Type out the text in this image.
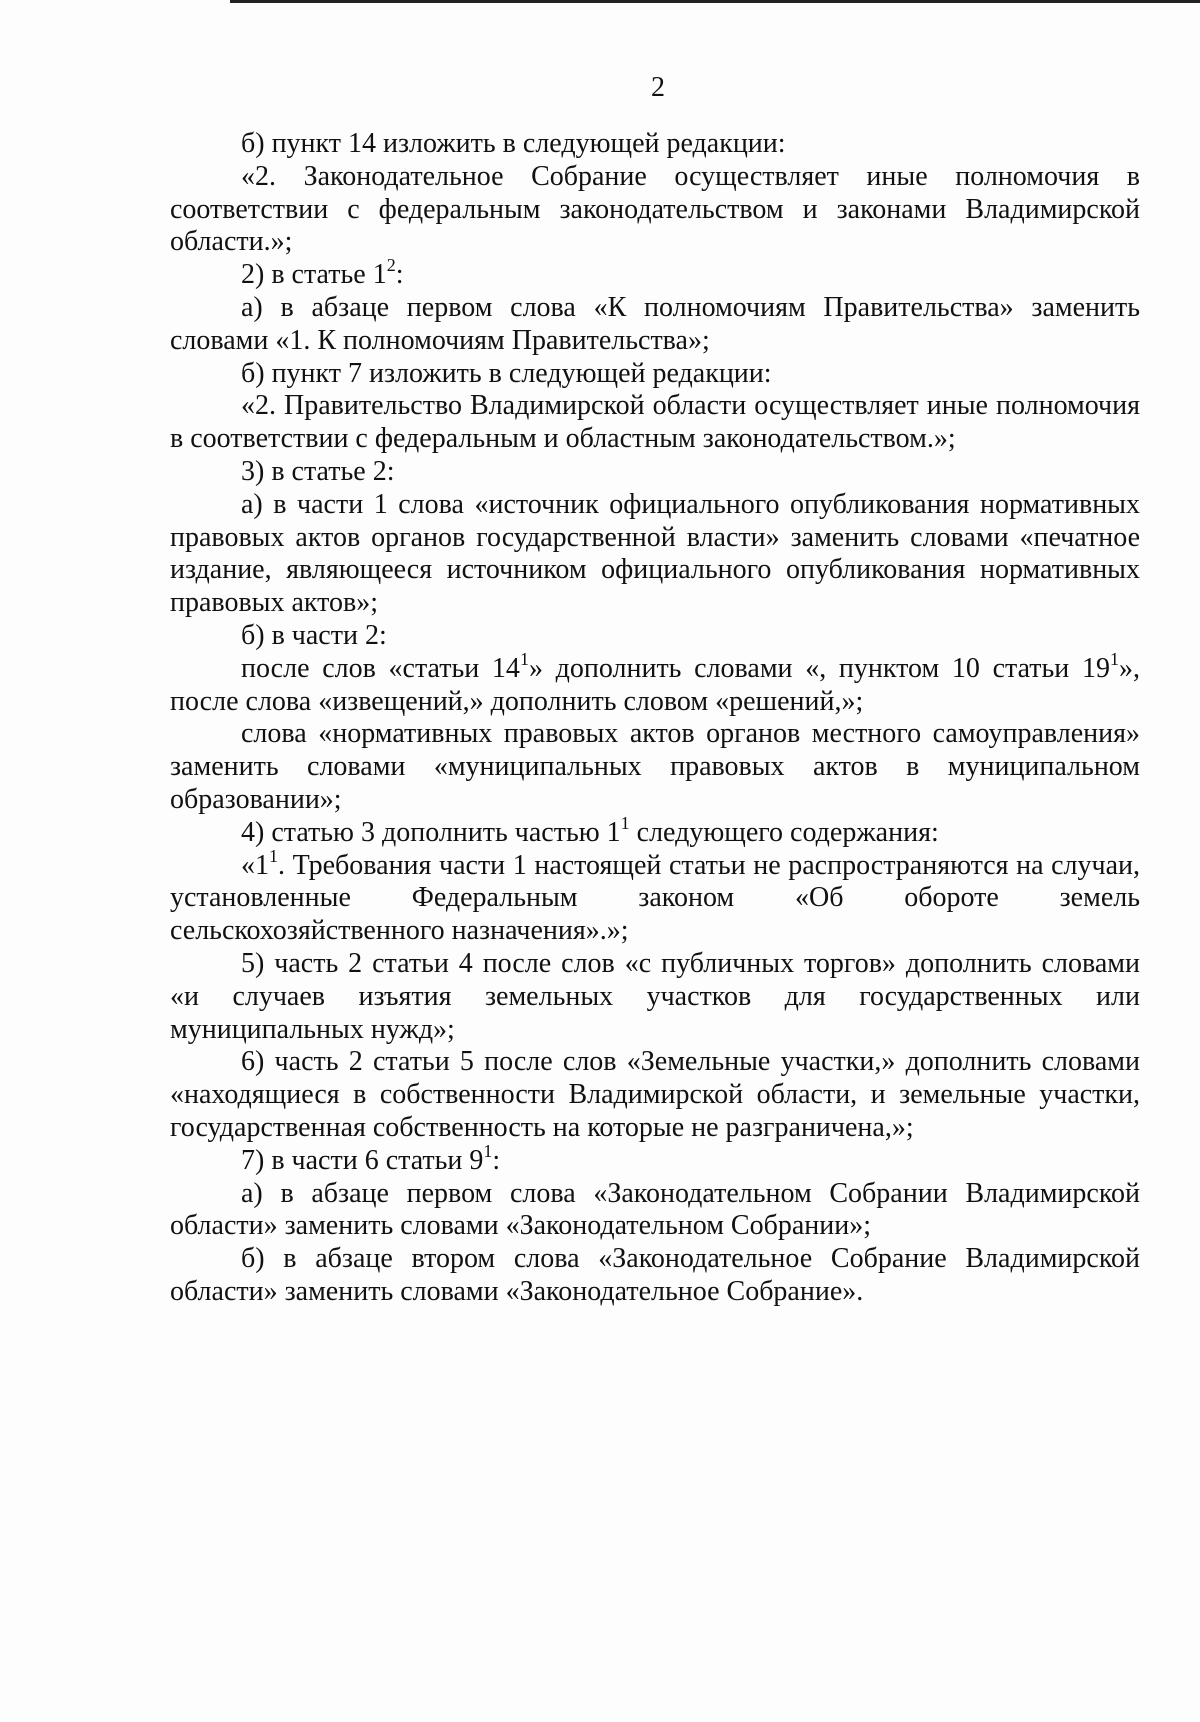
2

б) пункт 14 изложить в следующей редакции:

«2. Законодательное Собрание осуществляет иные полномочия в соответствии с федеральным законодательством и законами Владимирской области.»;

2) в статье $1^2$:

а) в абзаце первом слова «К полномочиям Правительства» заменить словами «1. К полномочиям Правительства»;

б) пункт 7 изложить в следующей редакции:

«2. Правительство Владимирской области осуществляет иные полномочия в соответствии с федеральным и областным законодательством.»;

3) в статье 2:

а) в части 1 слова «источник официального опубликования нормативных правовых актов органов государственной власти» заменить словами «печатное издание, являющееся источником официального опубликования нормативных правовых актов»;

б) в части 2:

после слов «статьи $14^1$» дополнить словами «, пунктом 10 статьи $19^1$», после слова «извещений,» дополнить словом «решений,»;

слова «нормативных правовых актов органов местного самоуправления» заменить словами «муниципальных правовых актов в муниципальном образовании»;

4) статью 3 дополнить частью $1^1$ следующего содержания:

«$1^1$. Требования части 1 настоящей статьи не распространяются на случаи, установленные Федеральным законом «Об обороте земель сельскохозяйственного назначения».»;

5) часть 2 статьи 4 после слов «с публичных торгов» дополнить словами «и случаев изъятия земельных участков для государственных или муниципальных нужд»;

6) часть 2 статьи 5 после слов «Земельные участки,» дополнить словами «находящиеся в собственности Владимирской области, и земельные участки, государственная собственность на которые не разграничена,»;

7) в части 6 статьи $9^1$:

а) в абзаце первом слова «Законодательном Собрании Владимирской области» заменить словами «Законодательном Собрании»;

б) в абзаце втором слова «Законодательное Собрание Владимирской области» заменить словами «Законодательное Собрание».
